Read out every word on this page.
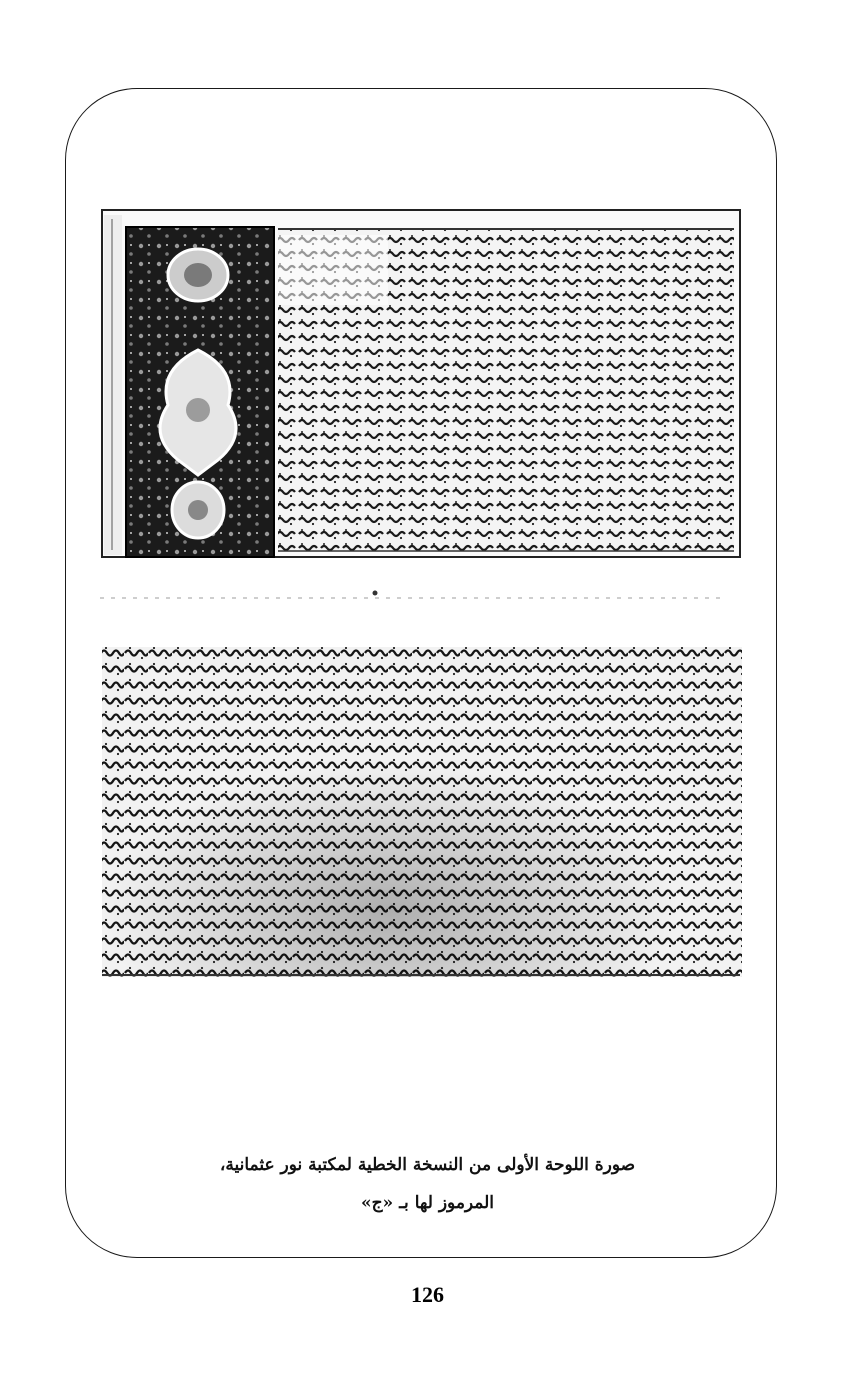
صورة اللوحة الأولى من النسخة الخطية لمكتبة نور عثمانية،
المرموز لها بـ «ج»
126
